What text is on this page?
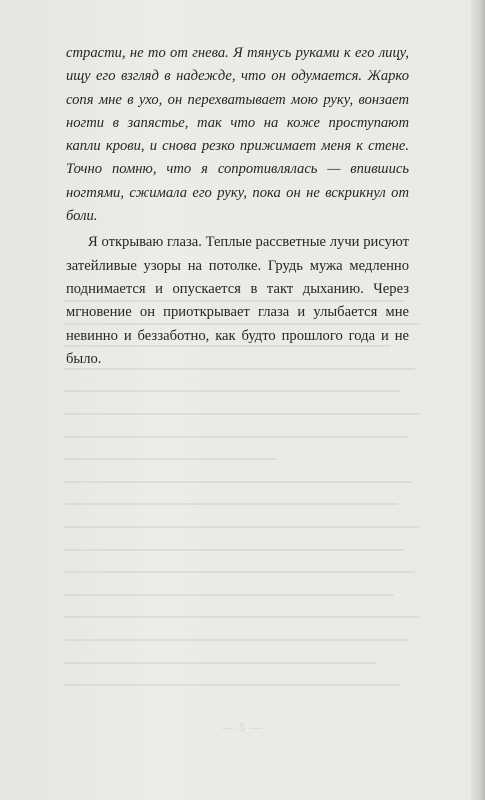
страсти, не то от гнева. Я тянусь руками к его лицу, ищу его взгляд в надежде, что он одумается. Жарко сопя мне в ухо, он перехватывает мою руку, вонзает ногти в запястье, так что на коже проступают капли крови, и снова резко прижимает меня к стене. Точно помню, что я сопротивлялась — впившись ногтями, сжимала его руку, пока он не вскрикнул от боли.

Я открываю глаза. Теплые рассветные лучи рисуют затейливые узоры на потолке. Грудь мужа медленно поднимается и опускается в такт дыханию. Через мгновение он приоткрывает глаза и улыбается мне невинно и беззаботно, как будто прошлого года и не было.

— 5 —
